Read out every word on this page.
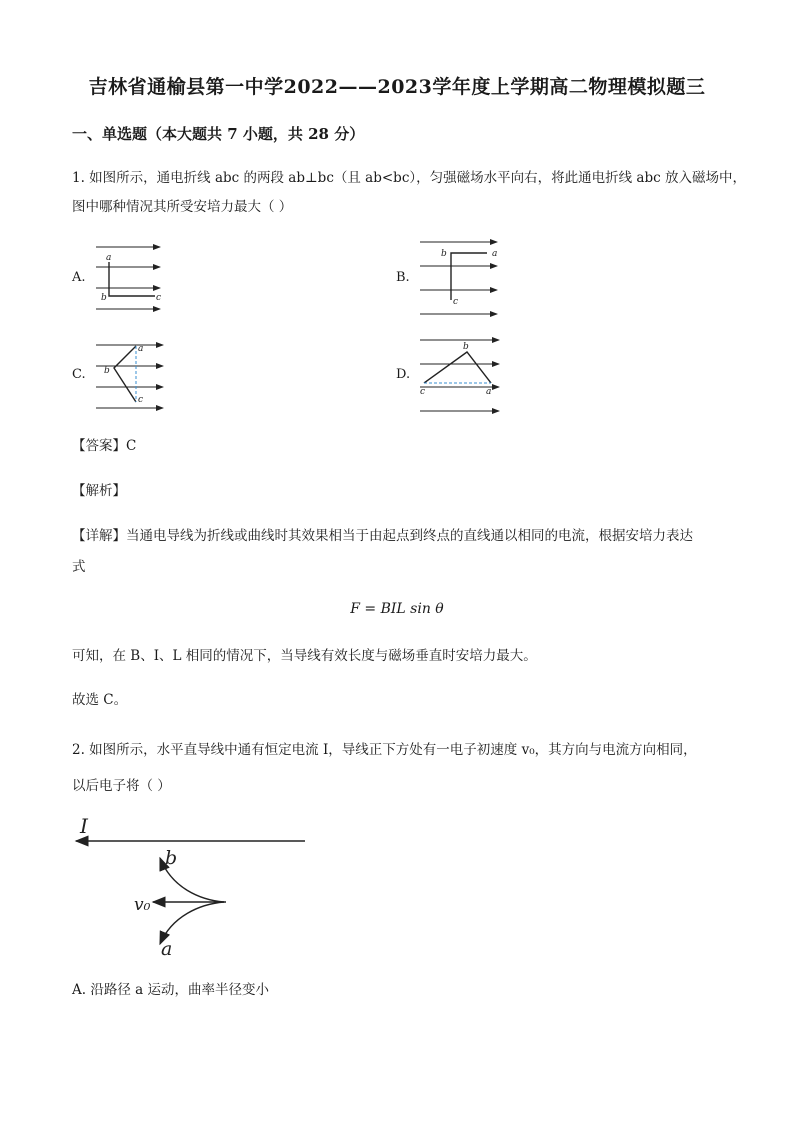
吉林省通榆县第一中学2022——2023学年度上学期高二物理模拟题三
一、单选题（本大题共 7 小题，共 28 分）
1. 如图所示，通电折线 abc 的两段 ab⊥bc（且 ab<bc），匀强磁场水平向右，将此通电折线 abc 放入磁场中，
图中哪种情况其所受安培力最大（ ）
A.	B.
C.	D.
a
b	c
b	a
c
a
b
c
b
c	a
【答案】C
【解析】
【详解】当通电导线为折线或曲线时其效果相当于由起点到终点的直线通以相同的电流，根据安培力表达
式
F = BIL sin θ
可知，在 B、I、L 相同的情况下，当导线有效长度与磁场垂直时安培力最大。
故选 C。
2. 如图所示，水平直导线中通有恒定电流 I，导线正下方处有一电子初速度 v₀，其方向与电流方向相同，
以后电子将（ ）
I
b
v₀
a
A. 沿路径 a 运动，曲率半径变小
